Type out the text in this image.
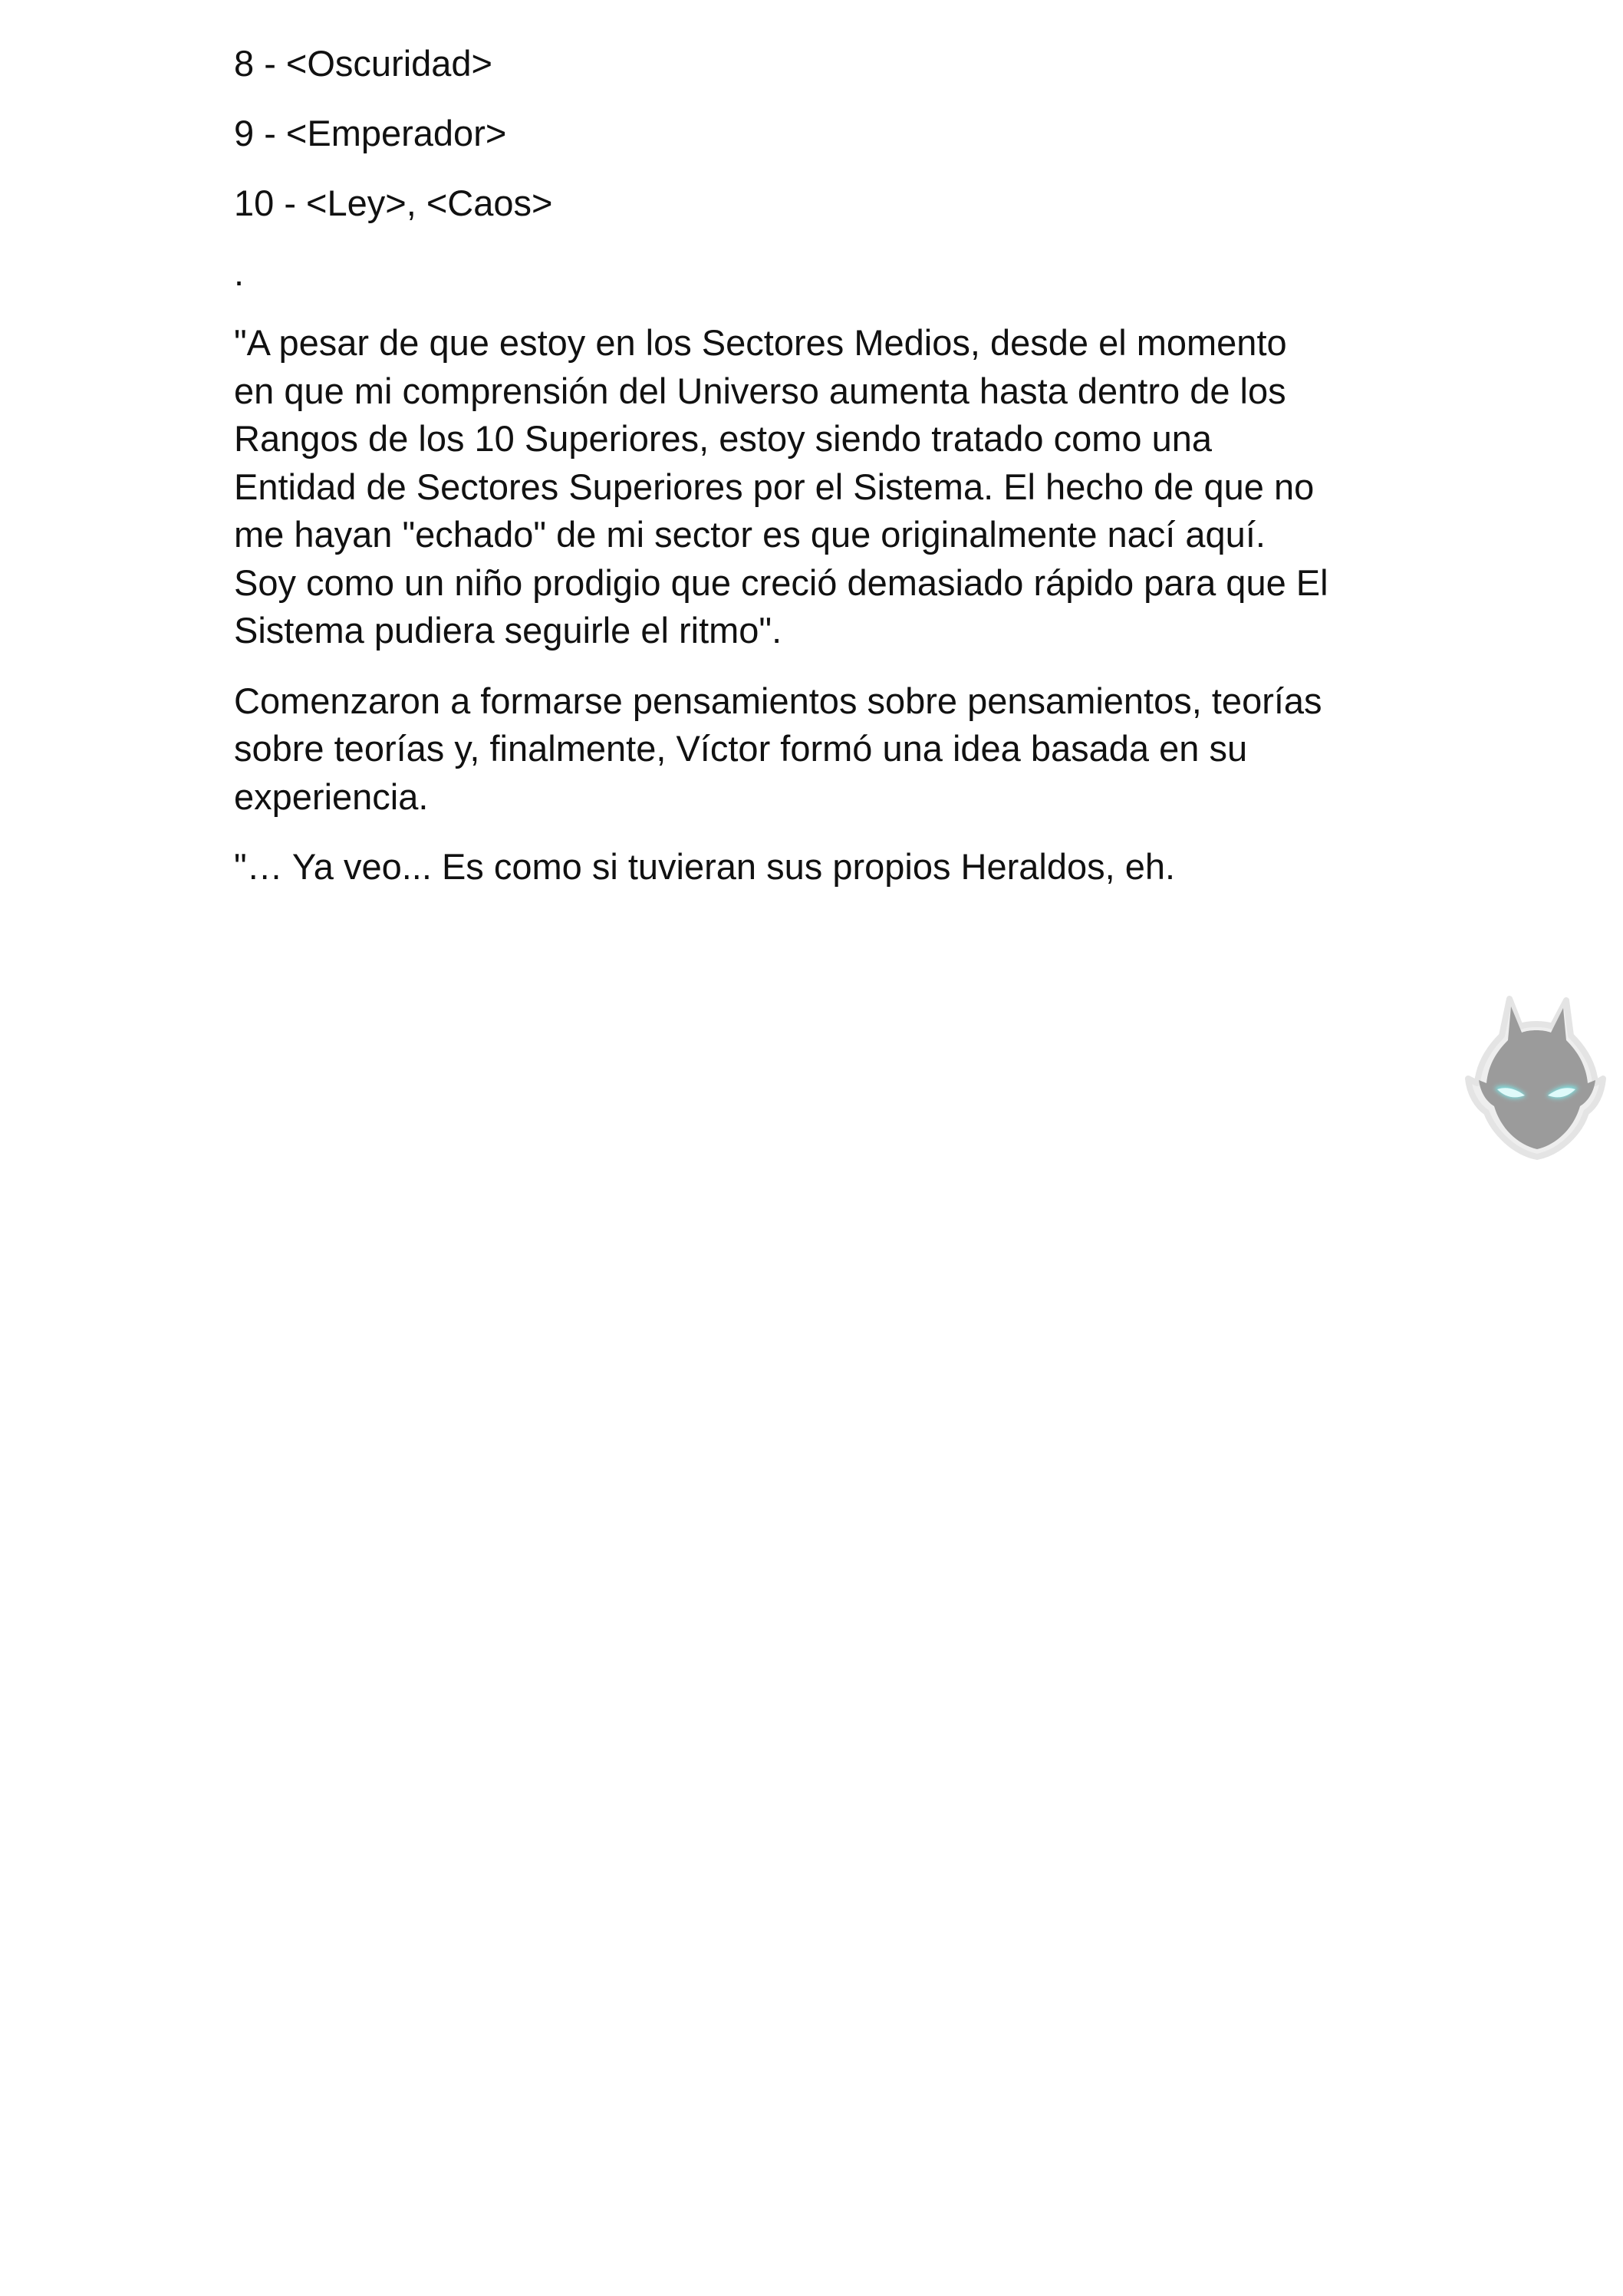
8 - <Oscuridad>
9 - <Emperador>
10 - <Ley>, <Caos>
.
"A pesar de que estoy en los Sectores Medios, desde el momento
en que mi comprensión del Universo aumenta hasta dentro de los
Rangos de los 10 Superiores, estoy siendo tratado como una
Entidad de Sectores Superiores por el Sistema. El hecho de que no
me hayan "echado" de mi sector es que originalmente nací aquí.
Soy como un niño prodigio que creció demasiado rápido para que El
Sistema pudiera seguirle el ritmo".
Comenzaron a formarse pensamientos sobre pensamientos, teorías
sobre teorías y, finalmente, Víctor formó una idea basada en su
experiencia.
"… Ya veo... Es como si tuvieran sus propios Heraldos, eh.
